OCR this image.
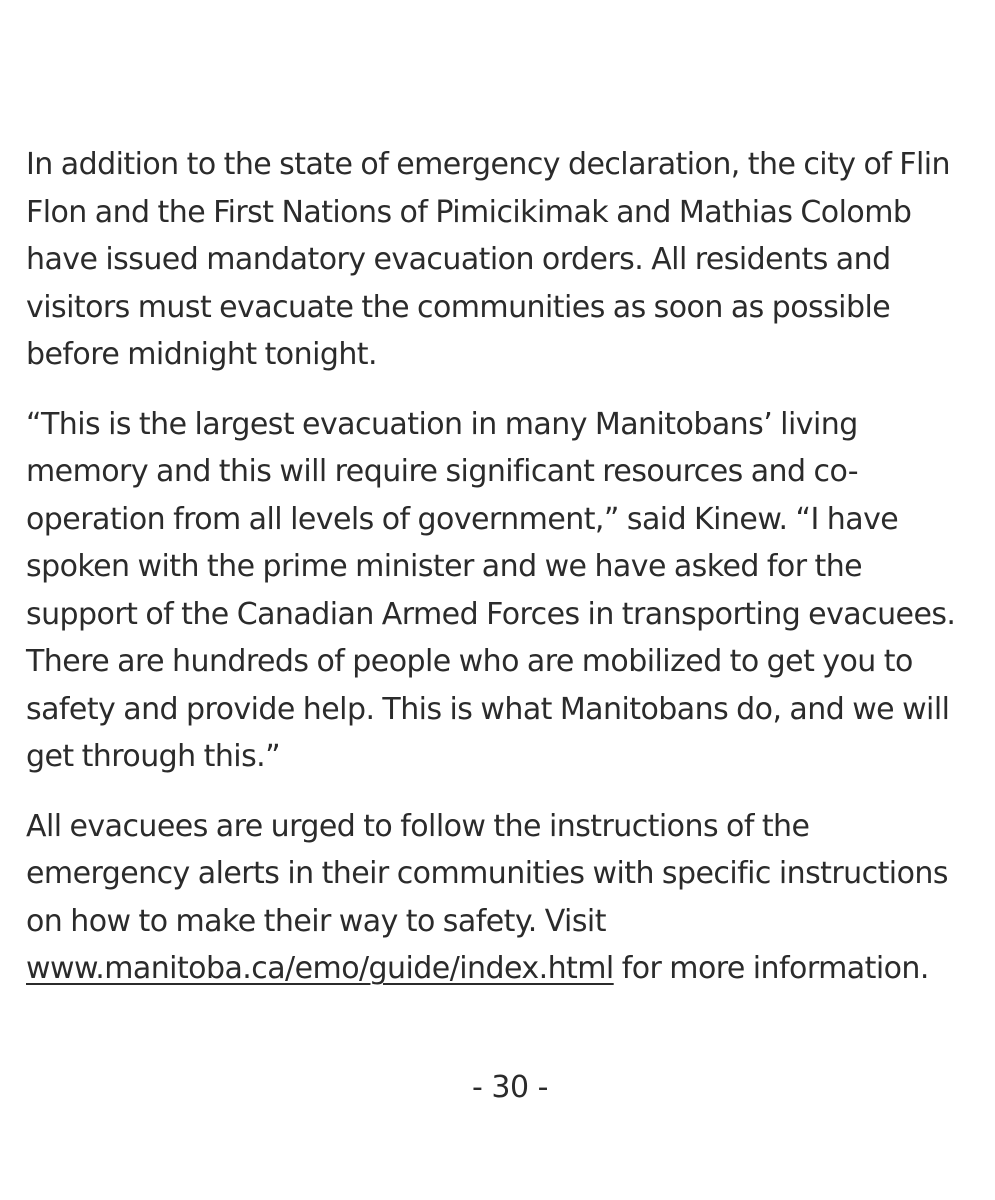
In addition to the state of emergency declaration, the city of Flin Flon and the First Nations of Pimicikimak and Mathias Colomb have issued mandatory evacuation orders. All residents and visitors must evacuate the communities as soon as possible before midnight tonight.

“This is the largest evacuation in many Manitobans’ living memory and this will require significant resources and co-operation from all levels of government,” said Kinew. “I have spoken with the prime minister and we have asked for the support of the Canadian Armed Forces in transporting evacuees. There are hundreds of people who are mobilized to get you to safety and provide help. This is what Manitobans do, and we will get through this.”

All evacuees are urged to follow the instructions of the emergency alerts in their communities with specific instructions on how to make their way to safety. Visit www.manitoba.ca/emo/guide/index.html for more information.

- 30 -
